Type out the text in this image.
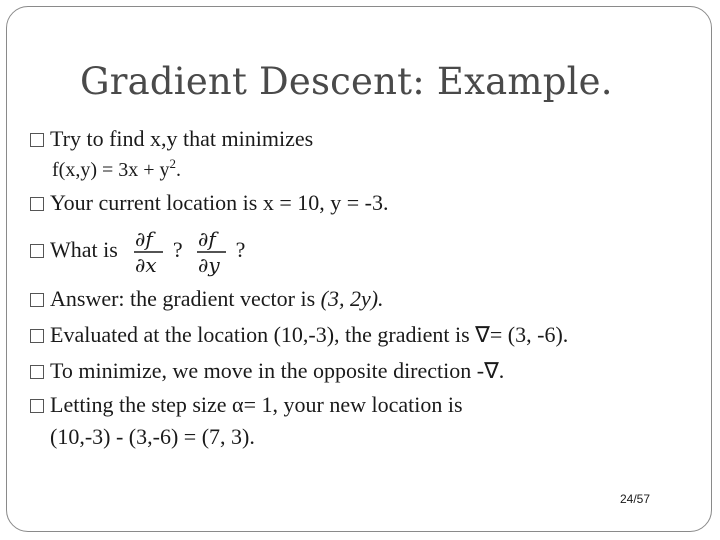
Gradient Descent: Example.
Try to find x,y that minimizes
$f(x,y) = 3x + y^2$.
Your current location is x = 10, y = -3.
What is ∂f
∂x
? ∂f
∂y
?
Answer: the gradient vector is (3, 2y).
Evaluated at the location (10,-3), the gradient is ∇= (3, -6).
To minimize, we move in the opposite direction -∇.
Letting the step size α= 1, your new location is
(10,-3) - (3,-6) = (7, 3).
24/57
